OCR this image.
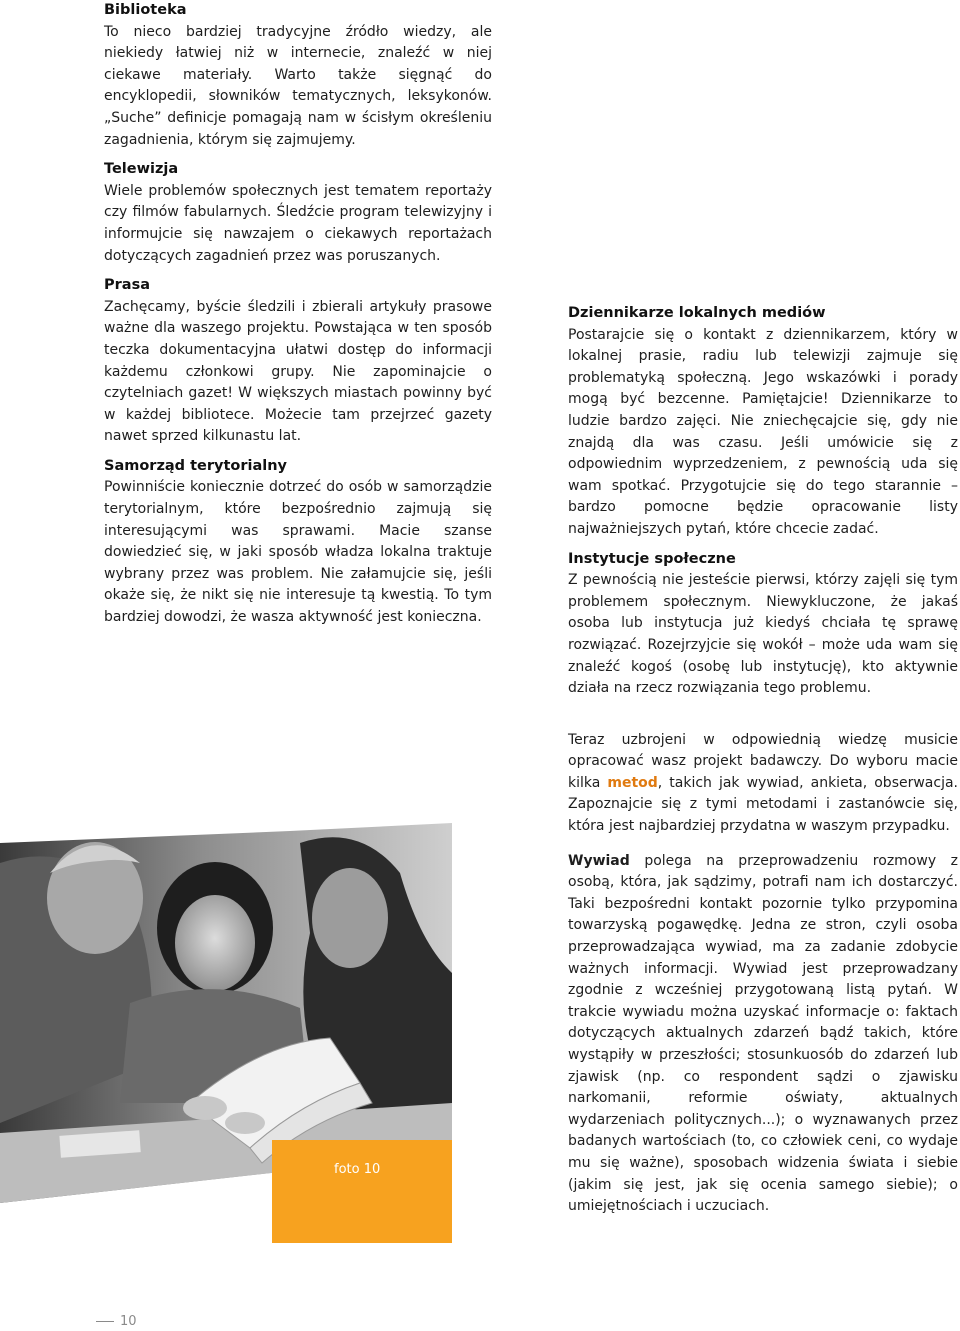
Biblioteka

To nieco bardziej tradycyjne źródło wiedzy, ale niekiedy łatwiej niż w internecie, znaleźć w niej ciekawe materiały. Warto także sięgnąć do encyklopedii, słowników tematycznych, leksykonów. „Suche” definicje pomagają nam w ścisłym określeniu zagadnienia, którym się zajmujemy.

Telewizja

Wiele problemów społecznych jest tematem reportaży czy filmów fabularnych. Śledźcie program telewizyjny i informujcie się nawzajem o ciekawych reportażach dotyczących zagadnień przez was poruszanych.

Prasa

Zachęcamy, byście śledzili i zbierali artykuły prasowe ważne dla waszego projektu. Powstająca w ten sposób teczka dokumentacyjna ułatwi dostęp do informacji każdemu członkowi grupy. Nie zapominajcie o czytelniach gazet! W większych miastach powinny być w każdej bibliotece. Możecie tam przejrzeć gazety nawet sprzed kilkunastu lat.

Samorząd terytorialny

Powinniście koniecznie dotrzeć do osób w samorządzie terytorialnym, które bezpośrednio zajmują się interesującymi was sprawami. Macie szanse dowiedzieć się, w jaki sposób władza lokalna traktuje wybrany przez was problem. Nie załamujcie się, jeśli okaże się, że nikt się nie interesuje tą kwestią. To tym bardziej dowodzi, że wasza aktywność jest konieczna.

Dziennikarze lokalnych mediów

Postarajcie się o kontakt z dziennikarzem, który w lokalnej prasie, radiu lub telewizji zajmuje się problematyką społeczną. Jego wskazówki i porady mogą być bezcenne. Pamiętajcie! Dziennikarze to ludzie bardzo zajęci. Nie zniechęcajcie się, gdy nie znajdą dla was czasu. Jeśli umówicie się z odpowiednim wyprzedzeniem, z pewnością uda się wam spotkać. Przygotujcie się do tego starannie – bardzo pomocne będzie opracowanie listy najważniejszych pytań, które chcecie zadać.

Instytucje społeczne

Z pewnością nie jesteście pierwsi, którzy zajęli się tym problemem społecznym. Niewykluczone, że jakaś osoba lub instytucja już kiedyś chciała tę sprawę rozwiązać. Rozejrzyjcie się wokół – może uda wam się znaleźć kogoś (osobę lub instytucję), kto aktywnie działa na rzecz rozwiązania tego problemu.

Teraz uzbrojeni w odpowiednią wiedzę musicie opracować wasz projekt badawczy. Do wyboru macie kilka metod, takich jak wywiad, ankieta, obserwacja. Zapoznajcie się z tymi metodami i zastanówcie się, która jest najbardziej przydatna w waszym przypadku.

Wywiad polega na przeprowadzeniu rozmowy z osobą, która, jak sądzimy, potrafi nam ich dostarczyć. Taki bezpośredni kontakt pozornie tylko przypomina towarzyską pogawędkę. Jedna ze stron, czyli osoba przeprowadzająca wywiad, ma za zadanie zdobycie ważnych informacji. Wywiad jest przeprowadzany zgodnie z wcześniej przygotowaną listą pytań. W trakcie wywiadu można uzyskać informacje o: faktach dotyczących aktualnych zdarzeń bądź takich, które wystąpiły w przeszłości; stosunkuosób do zdarzeń lub zjawisk (np. co respondent sądzi o zjawisku narkomanii, reformie oświaty, aktualnych wydarzeniach politycznych...); o wyznawanych przez badanych wartościach (to, co człowiek ceni, co wydaje mu się ważne), sposobach widzenia świata i siebie (jakim się jest, jak się ocenia samego siebie); o umiejętnościach i uczuciach.

foto 10
10
